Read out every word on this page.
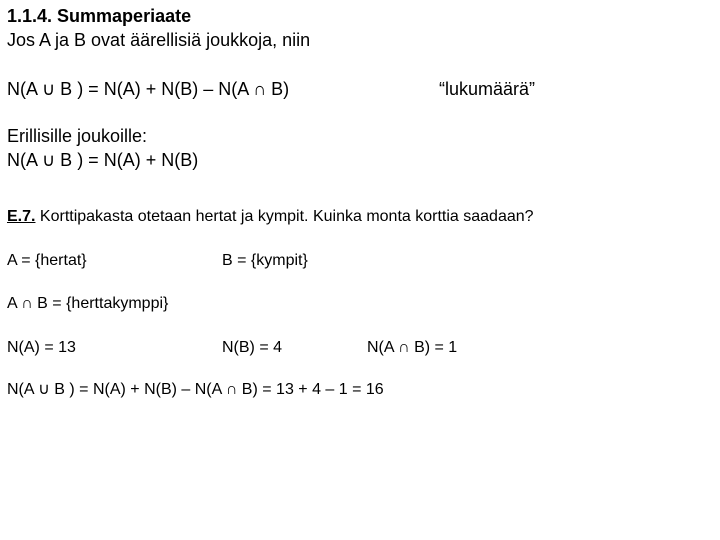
1.1.4. Summaperiaate
Jos A ja B ovat äärellisiä joukkoja, niin
N(A ∪ B ) = N(A) + N(B) – N(A ∩ B)	“lukumäärä”
Erillisille joukoille:
N(A ∪ B ) = N(A) + N(B)
E.7. Korttipakasta otetaan hertat ja kympit. Kuinka monta korttia saadaan?
A = {hertat}	B = {kympit}
A ∩ B = {herttakymppi}
N(A) = 13	N(B) = 4	N(A ∩ B) = 1
N(A ∪ B ) = N(A) + N(B) – N(A ∩ B) = 13 + 4 – 1 = 16
